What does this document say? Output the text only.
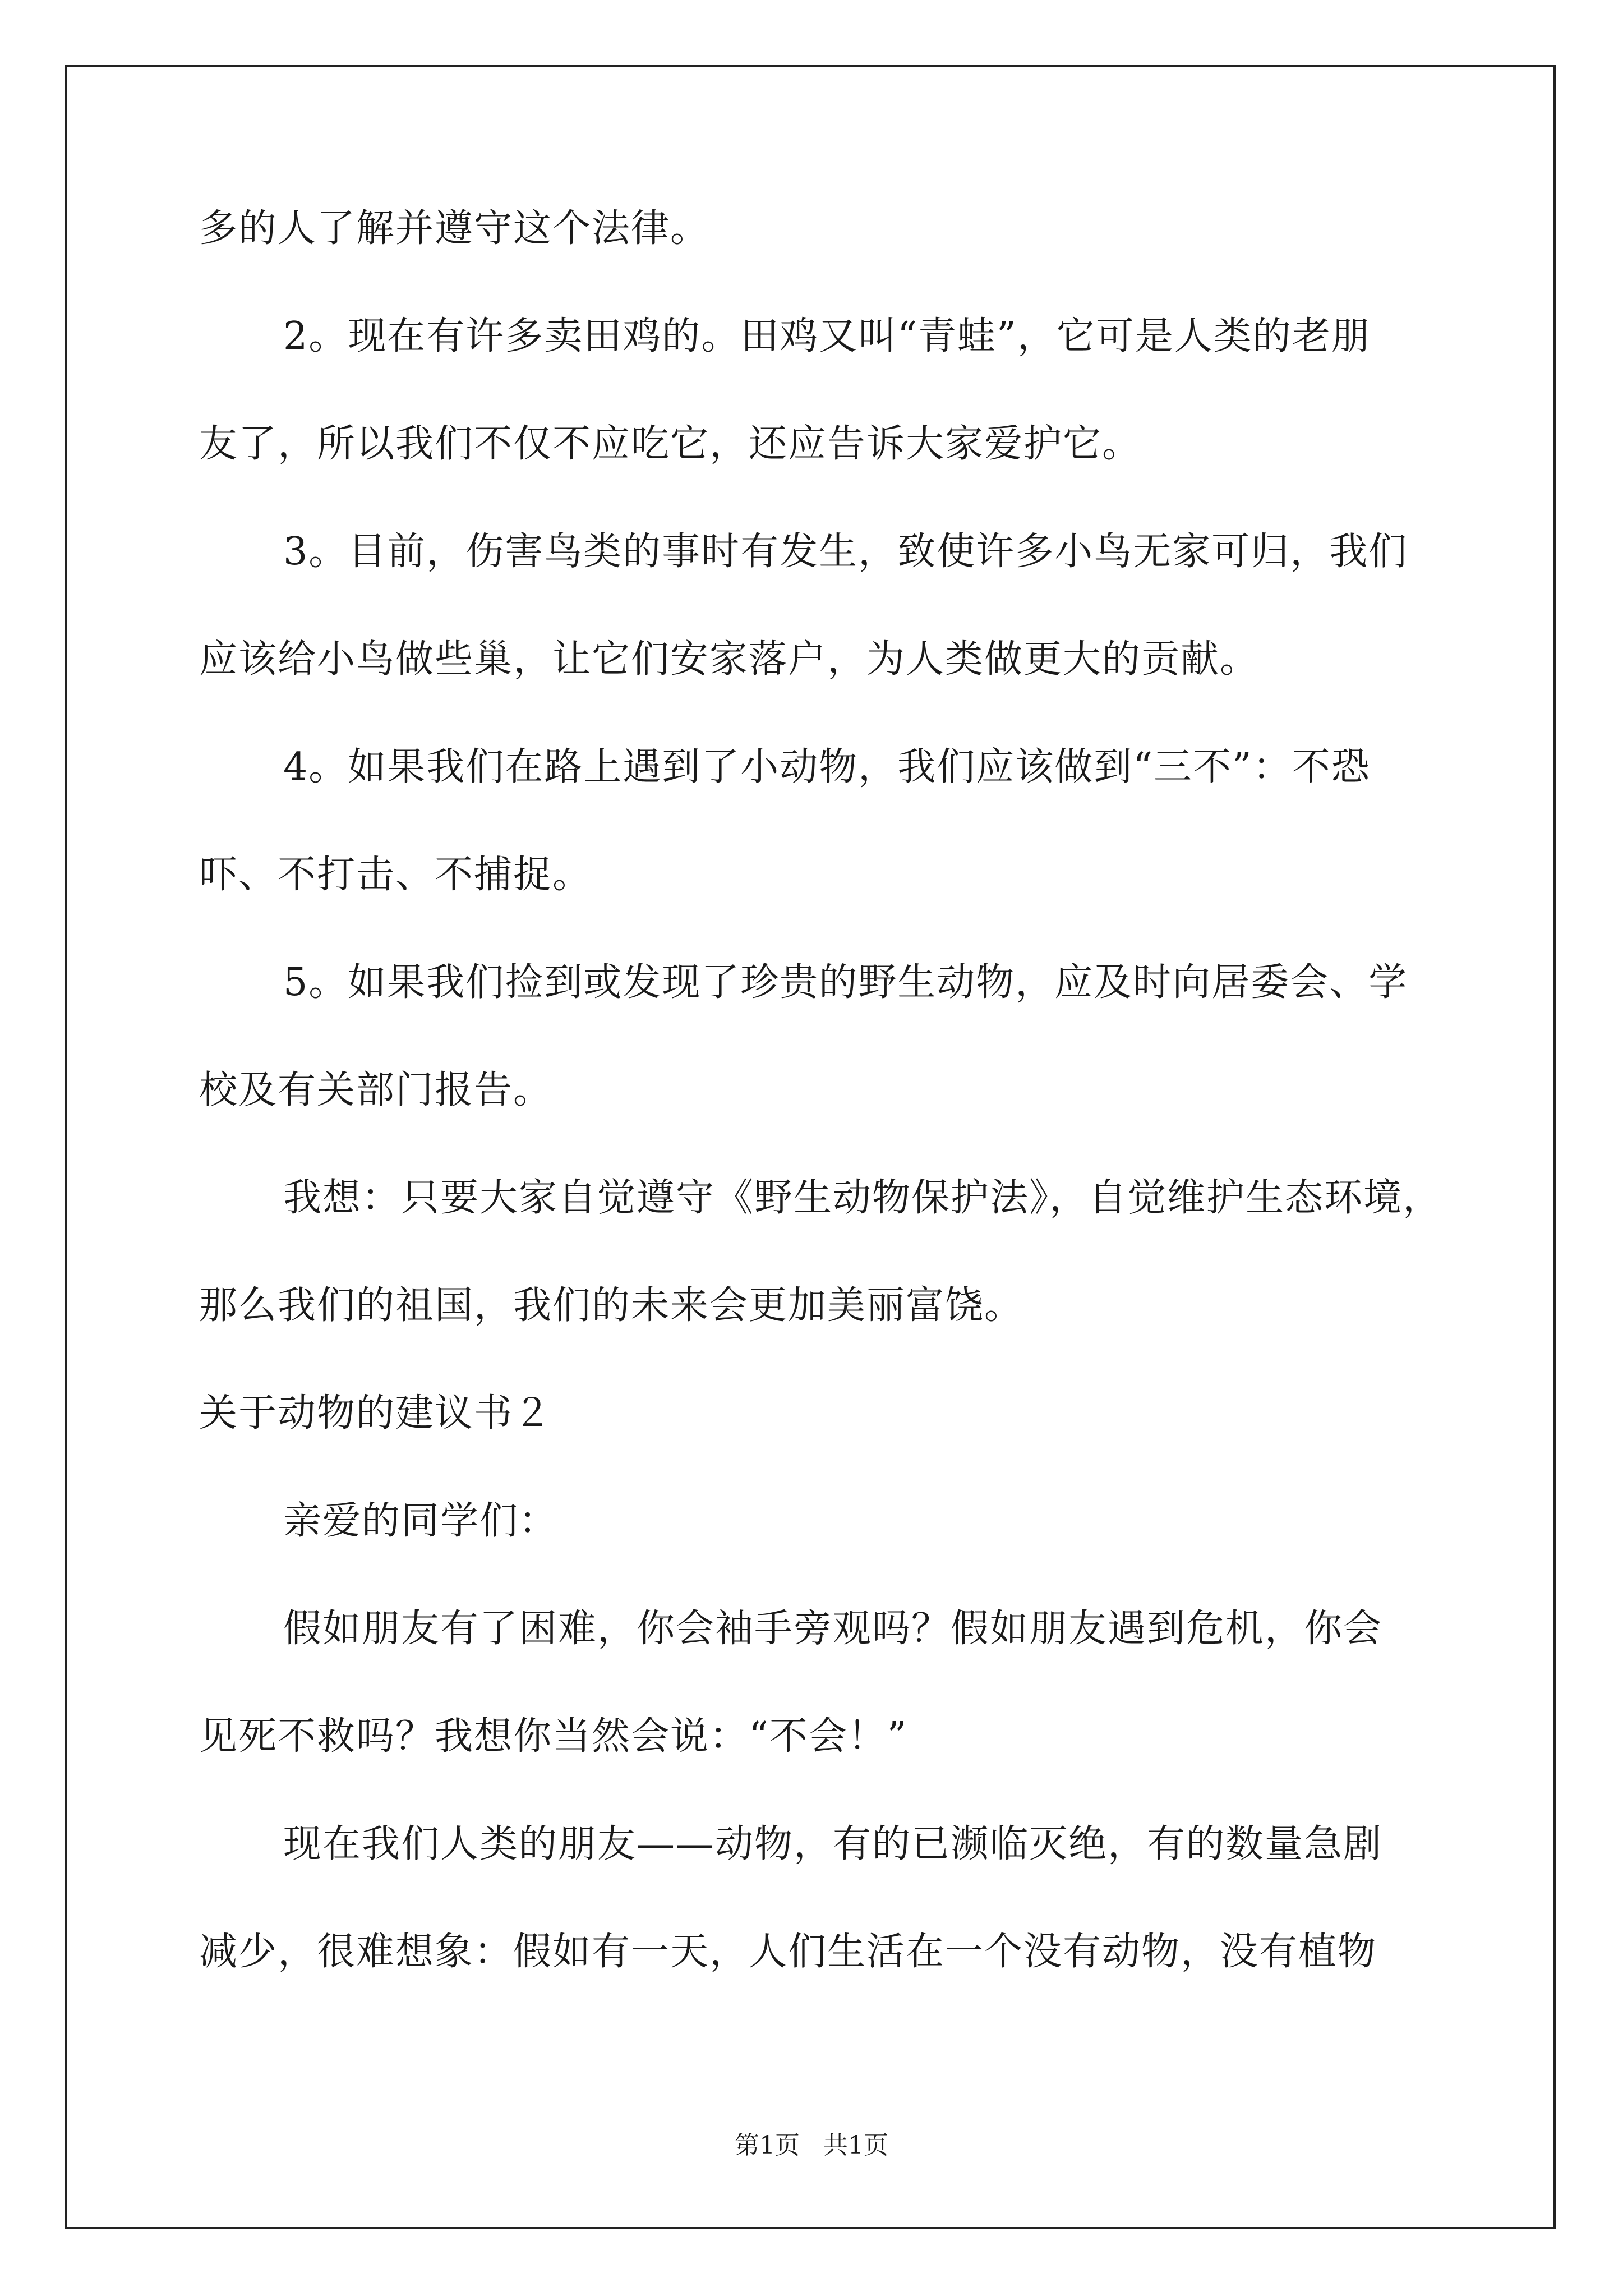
多的人了解并遵守这个法律。
2。现在有许多卖田鸡的。田鸡又叫“青蛙”，它可是人类的老朋
友了，所以我们不仅不应吃它，还应告诉大家爱护它。
3。目前，伤害鸟类的事时有发生，致使许多小鸟无家可归，我们
应该给小鸟做些巢，让它们安家落户，为人类做更大的贡献。
4。如果我们在路上遇到了小动物，我们应该做到“三不”：不恐
吓、不打击、不捕捉。
5。如果我们捡到或发现了珍贵的野生动物，应及时向居委会、学
校及有关部门报告。
我想：只要大家自觉遵守《野生动物保护法》，自觉维护生态环境，
那么我们的祖国，我们的未来会更加美丽富饶。
关于动物的建议书２
亲爱的同学们：
假如朋友有了困难，你会袖手旁观吗？假如朋友遇到危机，你会
见死不救吗？我想你当然会说：“不会！”
现在我们人类的朋友——动物，有的已濒临灭绝，有的数量急剧
减少，很难想象：假如有一天，人们生活在一个没有动物，没有植物
第1页   共1页
